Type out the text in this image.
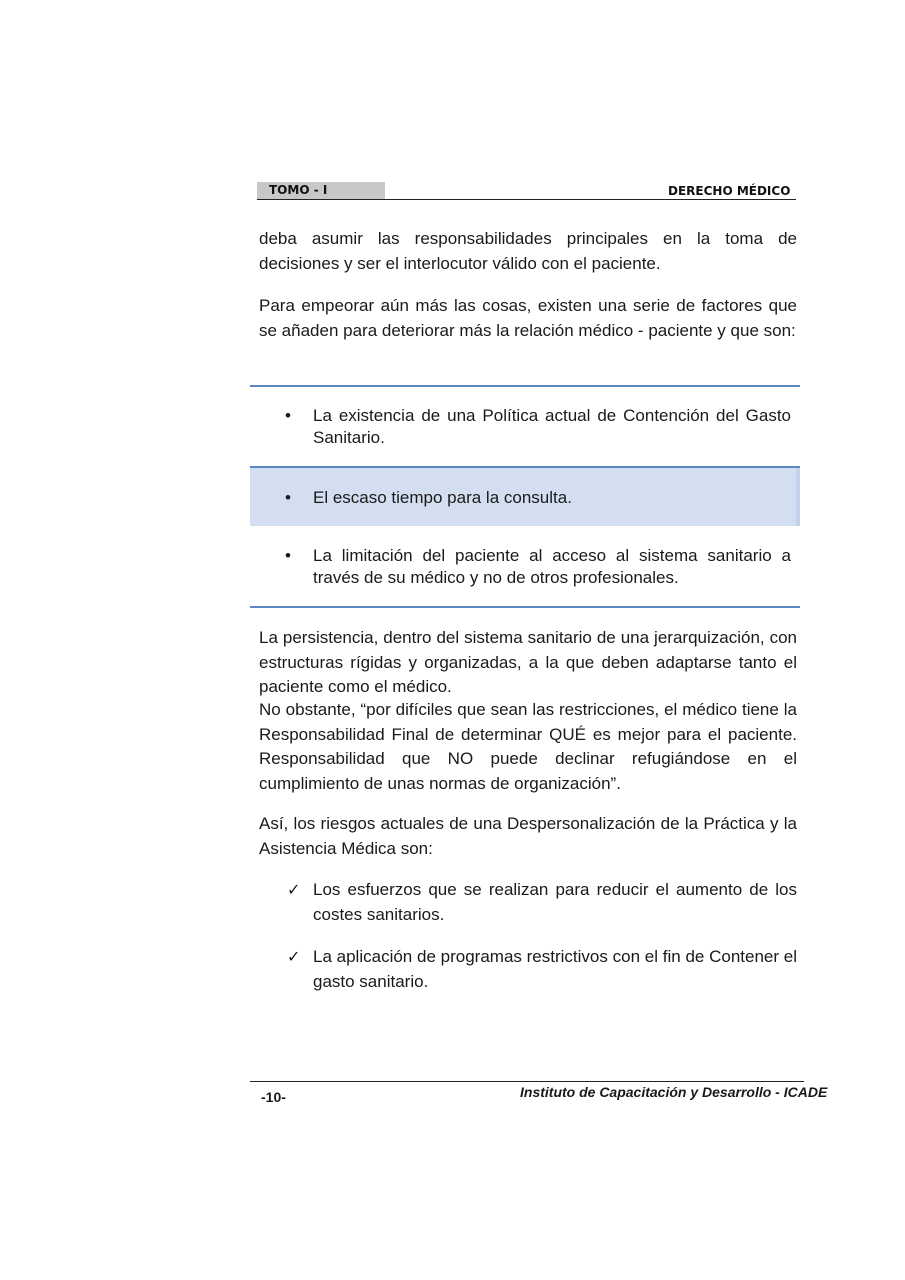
TOMO - I	DERECHO MÉDICO

deba asumir las responsabilidades principales en la toma de decisiones y ser el interlocutor válido con el paciente.

Para empeorar aún más las cosas, existen una serie de factores que se añaden para deteriorar más la relación médico - paciente y que son:

• La existencia de una Política actual de Contención del Gasto Sanitario.

• El escaso tiempo para la consulta.

• La limitación del paciente al acceso al sistema sanitario a través de su médico y no de otros profesionales.

La persistencia, dentro del sistema sanitario de una jerarquización, con estructuras rígidas y organizadas, a la que deben adaptarse tanto el paciente como el médico.

No obstante, “por difíciles que sean las restricciones, el médico tiene la Responsabilidad Final de determinar QUÉ es mejor para el paciente. Responsabilidad que NO puede declinar refugiándose en el cumplimiento de unas normas de organización”.

Así, los riesgos actuales de una Despersonalización de la Práctica y la Asistencia Médica son:

✓ Los esfuerzos que se realizan para reducir el aumento de los costes sanitarios.

✓ La aplicación de programas restrictivos con el fin de Contener el gasto sanitario.

-10-	Instituto de Capacitación y Desarrollo - ICADE
